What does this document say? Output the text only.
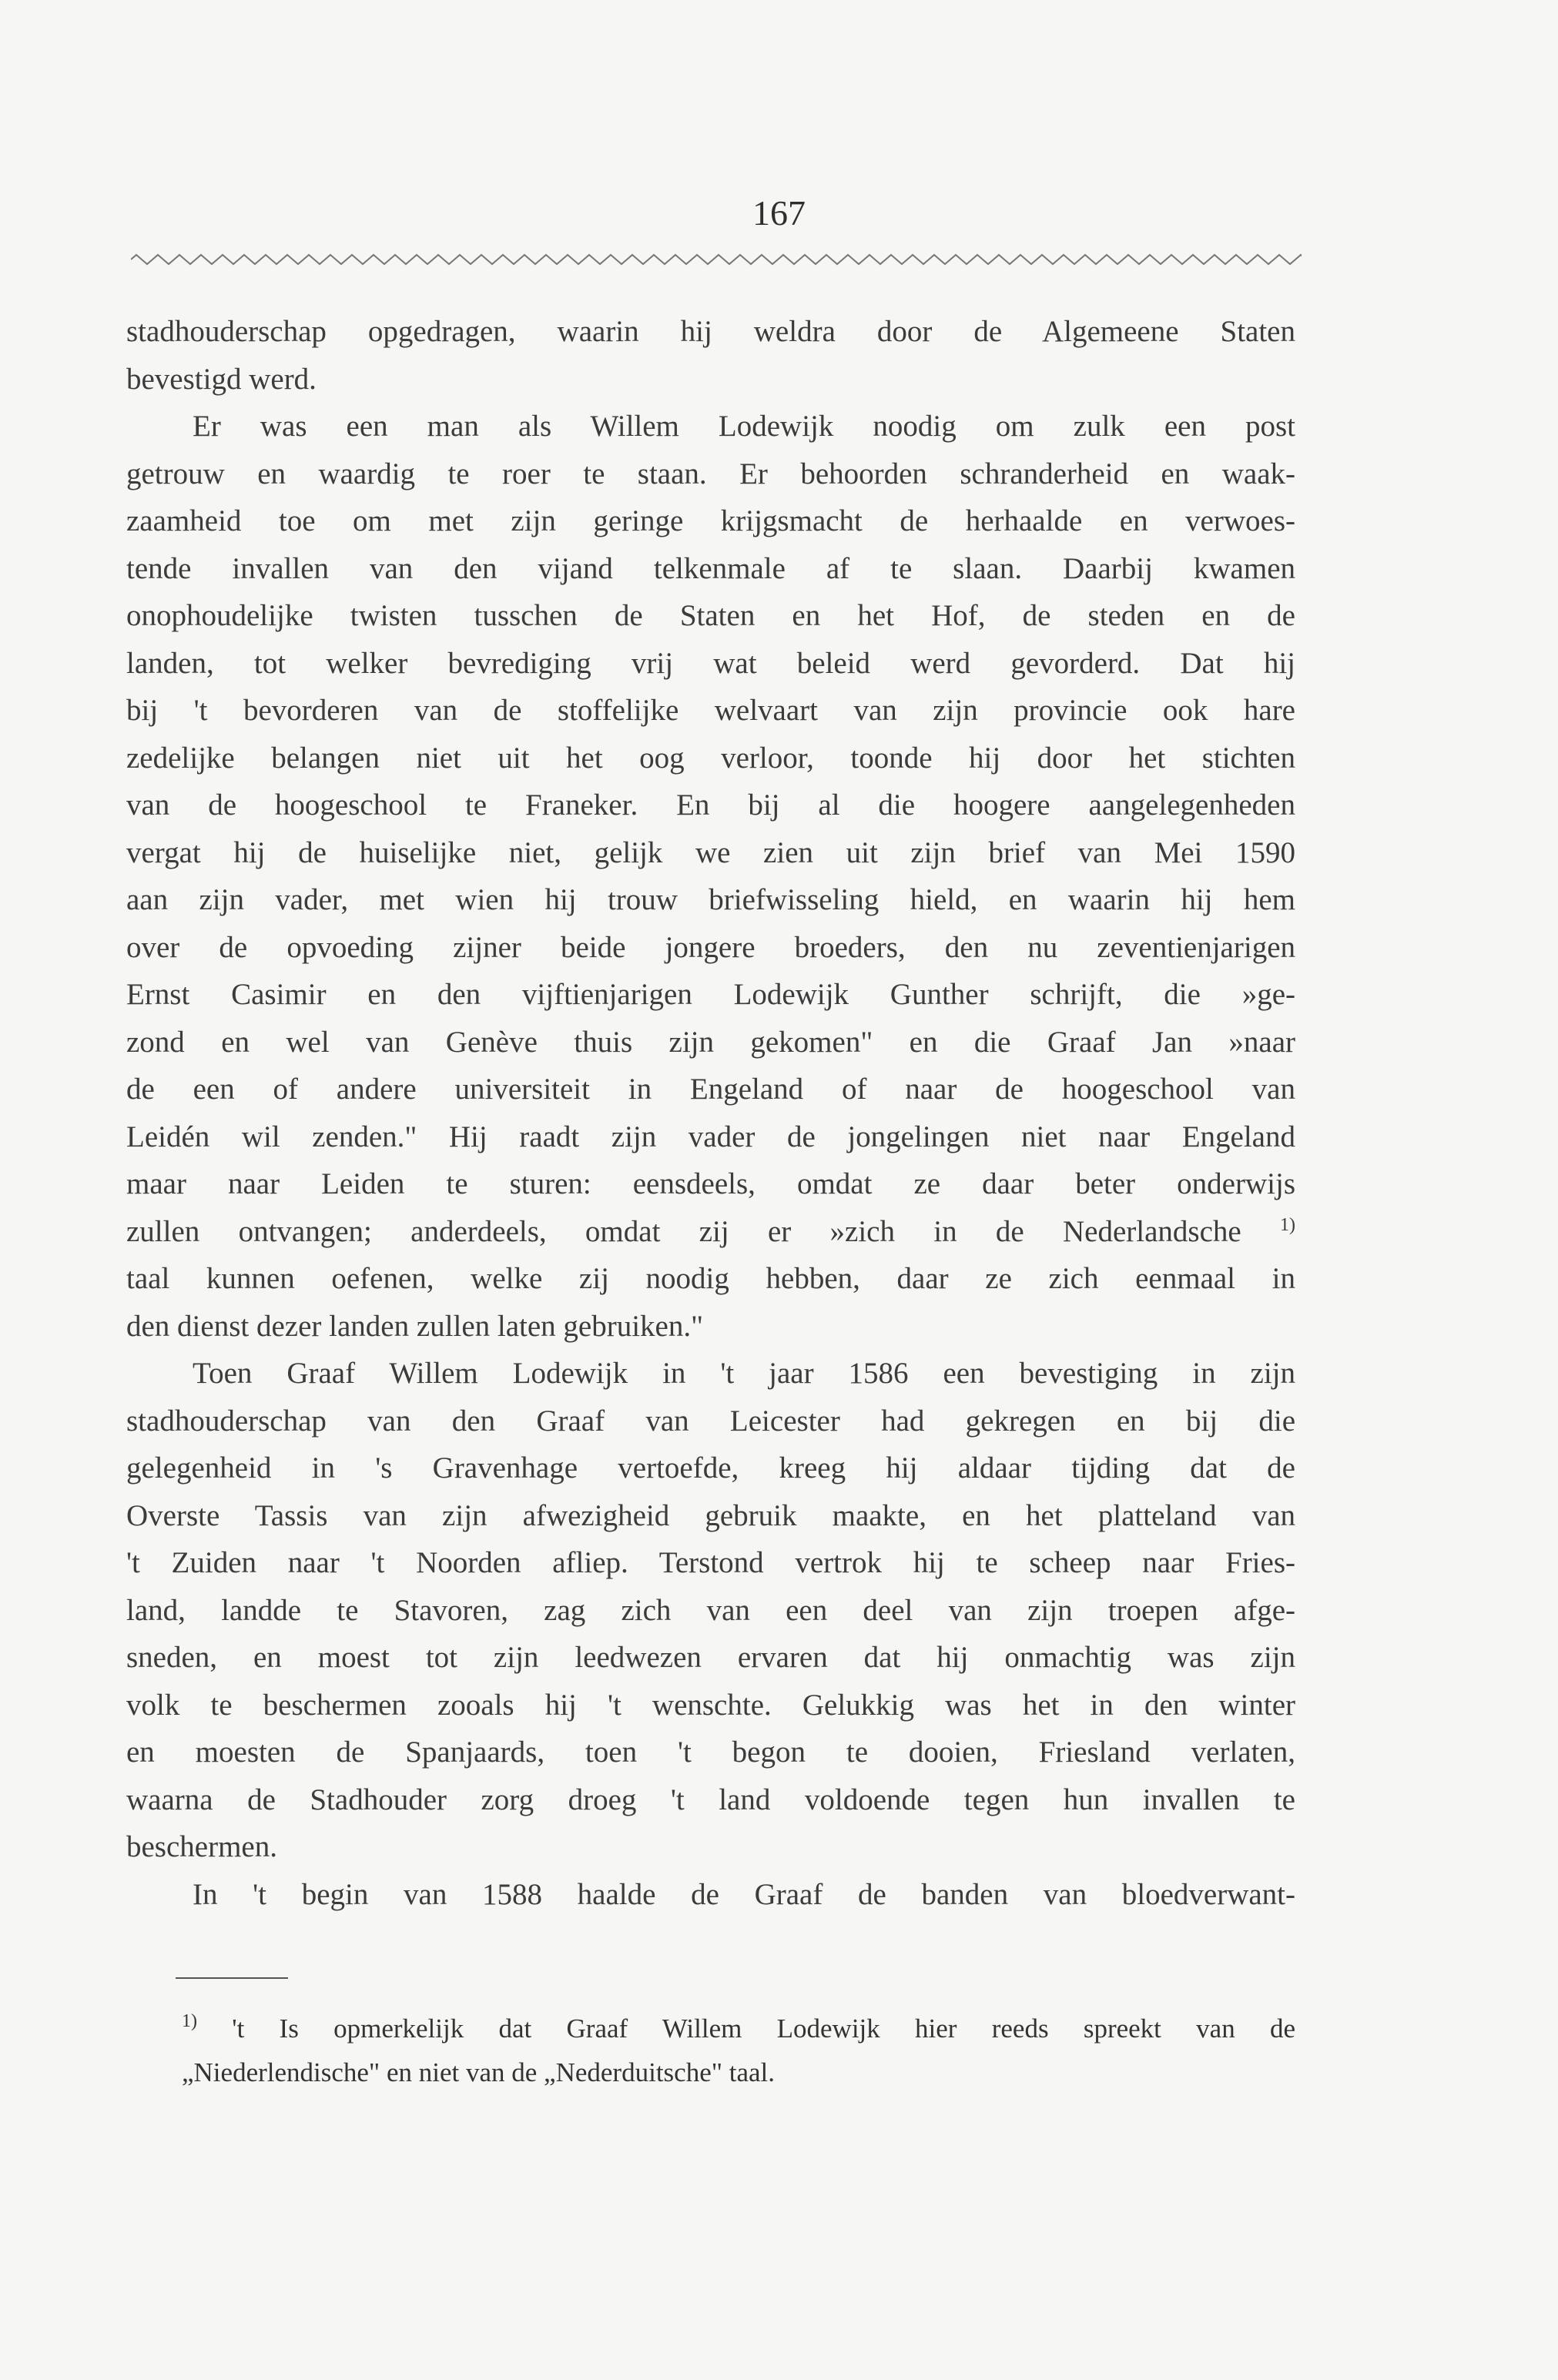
167
stadhouderschap opgedragen, waarin hij weldra door de Algemeene Staten
bevestigd werd.
Er was een man als Willem Lodewijk noodig om zulk een post
getrouw en waardig te roer te staan. Er behoorden schranderheid en waak-
zaamheid toe om met zijn geringe krijgsmacht de herhaalde en verwoes-
tende invallen van den vijand telkenmale af te slaan. Daarbij kwamen
onophoudelijke twisten tusschen de Staten en het Hof, de steden en de
landen, tot welker bevrediging vrij wat beleid werd gevorderd. Dat hij
bij 't bevorderen van de stoffelijke welvaart van zijn provincie ook hare
zedelijke belangen niet uit het oog verloor, toonde hij door het stichten
van de hoogeschool te Franeker. En bij al die hoogere aangelegenheden
vergat hij de huiselijke niet, gelijk we zien uit zijn brief van Mei 1590
aan zijn vader, met wien hij trouw briefwisseling hield, en waarin hij hem
over de opvoeding zijner beide jongere broeders, den nu zeventienjarigen
Ernst Casimir en den vijftienjarigen Lodewijk Gunther schrijft, die »ge-
zond en wel van Genève thuis zijn gekomen" en die Graaf Jan »naar
de een of andere universiteit in Engeland of naar de hoogeschool van
Leidén wil zenden." Hij raadt zijn vader de jongelingen niet naar Engeland
maar naar Leiden te sturen: eensdeels, omdat ze daar beter onderwijs
zullen ontvangen; anderdeels, omdat zij er »zich in de Nederlandsche $^{1)}$
taal kunnen oefenen, welke zij noodig hebben, daar ze zich eenmaal in
den dienst dezer landen zullen laten gebruiken."
Toen Graaf Willem Lodewijk in 't jaar 1586 een bevestiging in zijn
stadhouderschap van den Graaf van Leicester had gekregen en bij die
gelegenheid in 's Gravenhage vertoefde, kreeg hij aldaar tijding dat de
Overste Tassis van zijn afwezigheid gebruik maakte, en het platteland van
't Zuiden naar 't Noorden afliep. Terstond vertrok hij te scheep naar Fries-
land, landde te Stavoren, zag zich van een deel van zijn troepen afge-
sneden, en moest tot zijn leedwezen ervaren dat hij onmachtig was zijn
volk te beschermen zooals hij 't wenschte. Gelukkig was het in den winter
en moesten de Spanjaards, toen 't begon te dooien, Friesland verlaten,
waarna de Stadhouder zorg droeg 't land voldoende tegen hun invallen te
beschermen.
In 't begin van 1588 haalde de Graaf de banden van bloedverwant-
$^{1)}$ 't Is opmerkelijk dat Graaf Willem Lodewijk hier reeds spreekt van de
„Niederlendische" en niet van de „Nederduitsche" taal.
